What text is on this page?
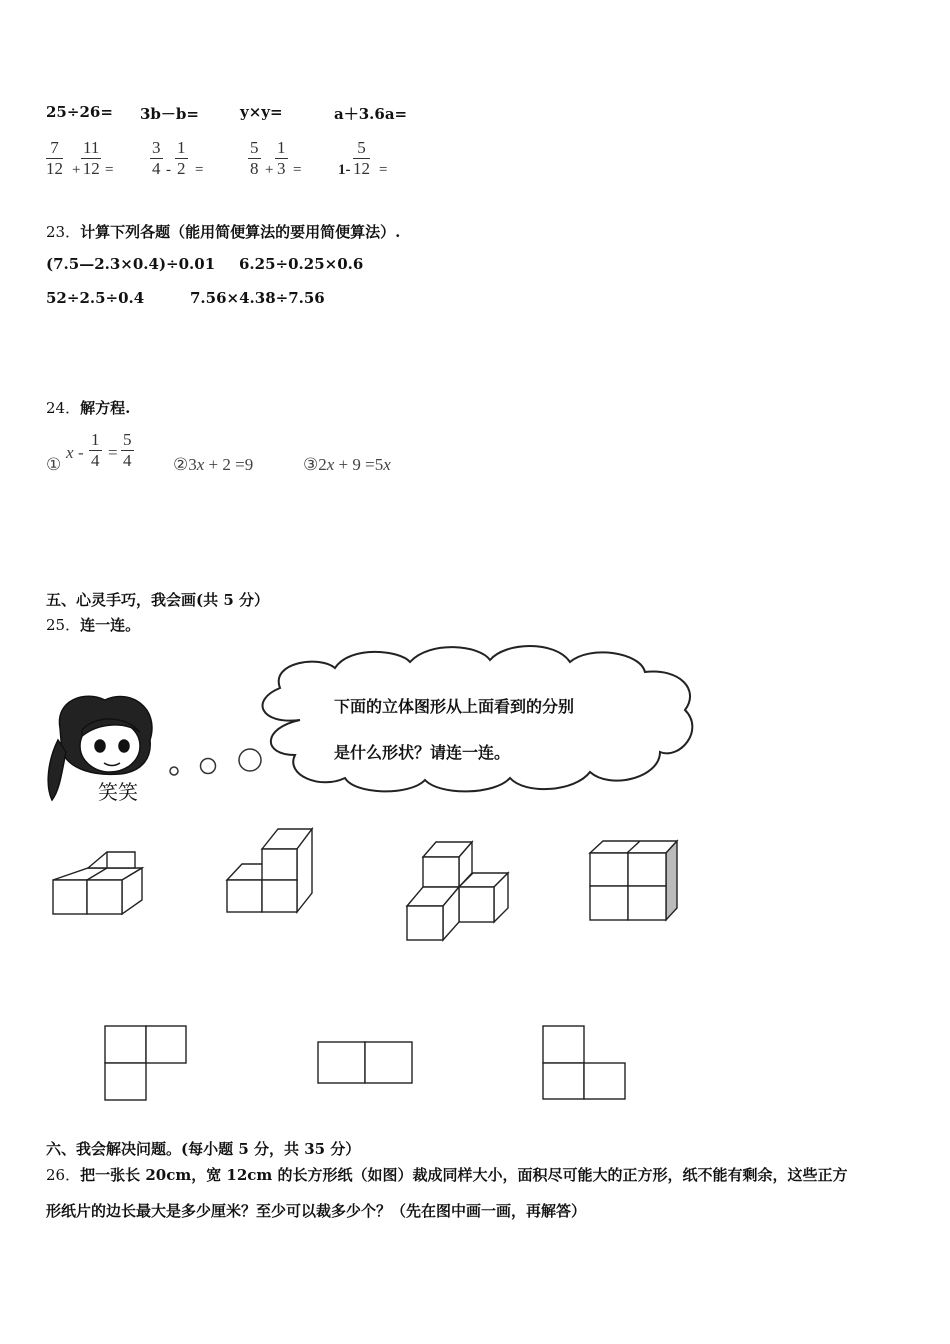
25÷26= 3b－b=	y×y=	a＋3.6a=
$\frac{7}{12} + \frac{11}{12} = \frac{3}{4} - \frac{1}{2}$ =	$\frac{5}{8} + \frac{1}{3} = 1- \frac{5}{12}$ =
23．计算下列各题（能用简便算法的要用简便算法）.
(7.5—2.3×0.4)÷0.01 6.25÷0.25×0.6
52÷2.5÷0.4	7.56×4.38÷7.56
24．解方程.
①
$x - \frac{1}{4} = \frac{5}{4}$ ②3x + 2 =9	③2x + 9 =5x
五、心灵手巧，我会画(共 5 分）
25．连一连。
下面的立体图形从上面看到的分别
是什么形状？请连一连。
笑笑
六、我会解决问题。(每小题 5 分，共 35 分）
26．把一张长 20cm，宽 12cm 的长方形纸（如图）裁成同样大小，面积尽可能大的正方形，纸不能有剩余，这些正方
形纸片的边长最大是多少厘米？至少可以裁多少个？（先在图中画一画，再解答）
